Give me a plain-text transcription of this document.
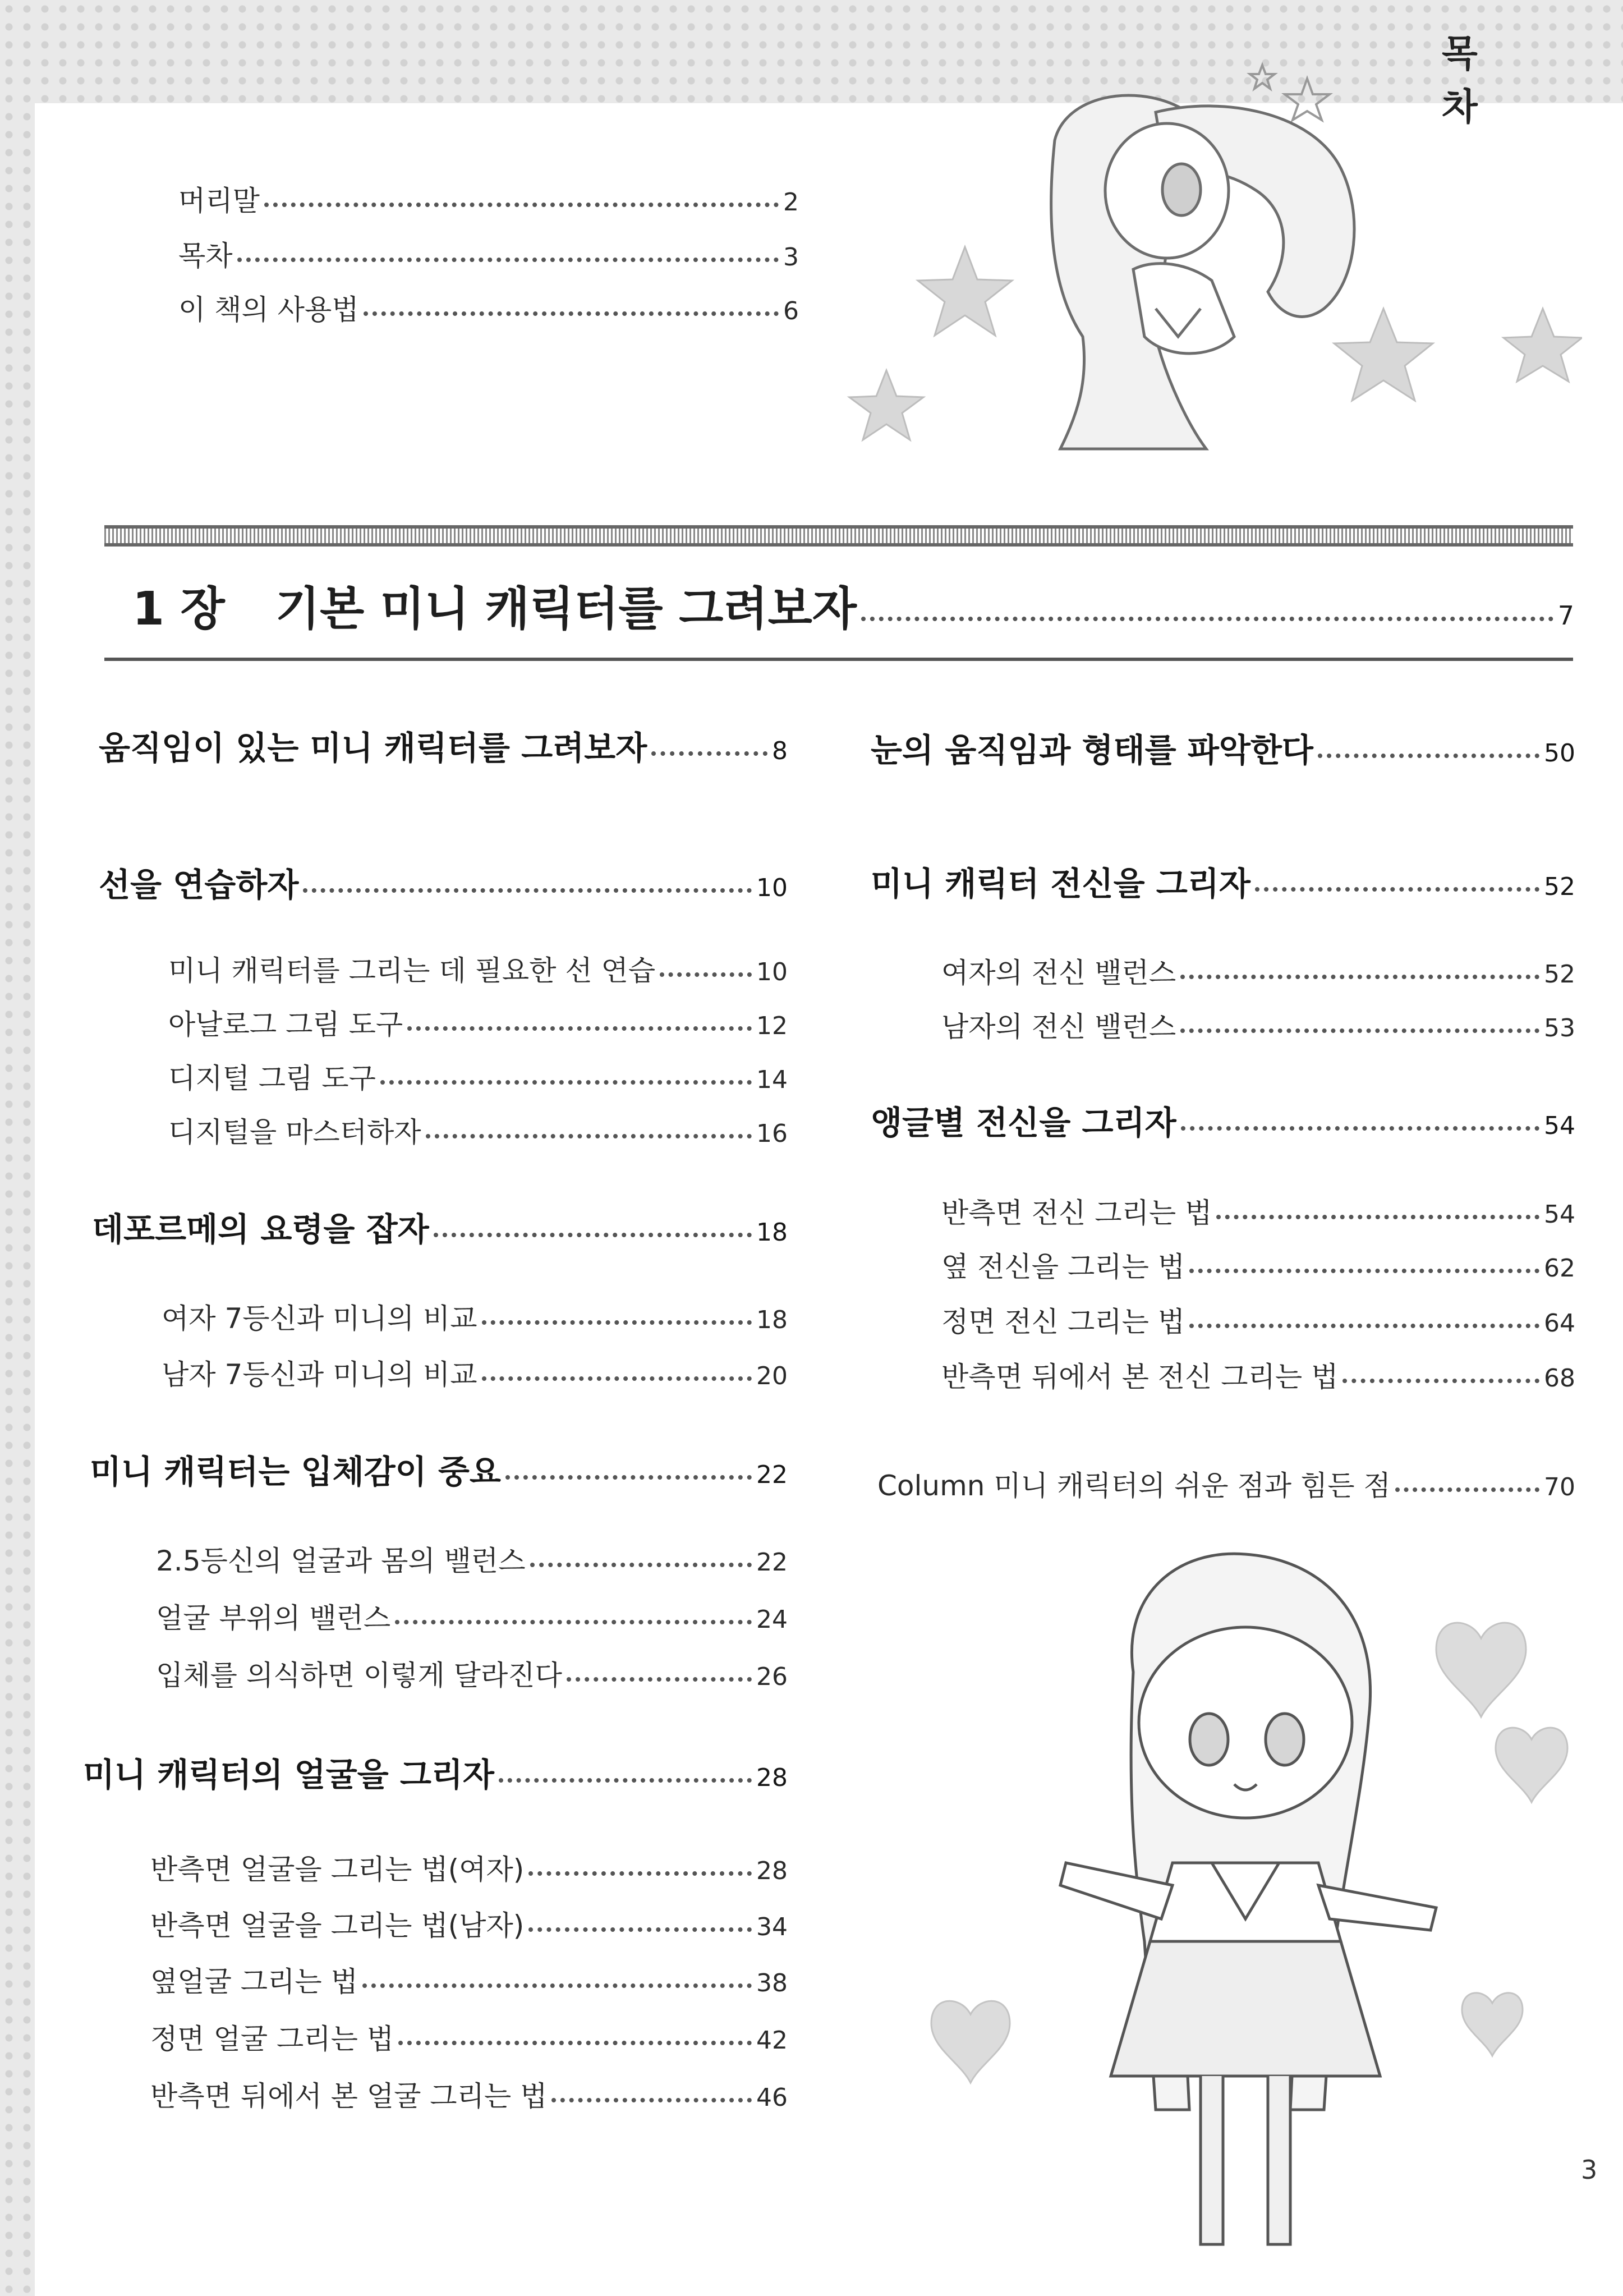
목 차
머리말	2
목차	3
이 책의 사용법	6
1 장 기본 미니 캐릭터를 그려보자	7
움직임이 있는 미니 캐릭터를 그려보자	8
선을 연습하자	10
미니 캐릭터를 그리는 데 필요한 선 연습	10
아날로그 그림 도구	12
디지털 그림 도구	14
디지털을 마스터하자	16
데포르메의 요령을 잡자	18
여자 7등신과 미니의 비교	18
남자 7등신과 미니의 비교	20
미니 캐릭터는 입체감이 중요	22
2.5등신의 얼굴과 몸의 밸런스	22
얼굴 부위의 밸런스	24
입체를 의식하면 이렇게 달라진다	26
미니 캐릭터의 얼굴을 그리자	28
반측면 얼굴을 그리는 법(여자)	28
반측면 얼굴을 그리는 법(남자)	34
옆얼굴 그리는 법	38
정면 얼굴 그리는 법	42
반측면 뒤에서 본 얼굴 그리는 법	46
눈의 움직임과 형태를 파악한다	50
미니 캐릭터 전신을 그리자	52
여자의 전신 밸런스	52
남자의 전신 밸런스	53
앵글별 전신을 그리자	54
반측면 전신 그리는 법	54
옆 전신을 그리는 법	62
정면 전신 그리는 법	64
반측면 뒤에서 본 전신 그리는 법	68
Column 미니 캐릭터의 쉬운 점과 힘든 점	70
3
